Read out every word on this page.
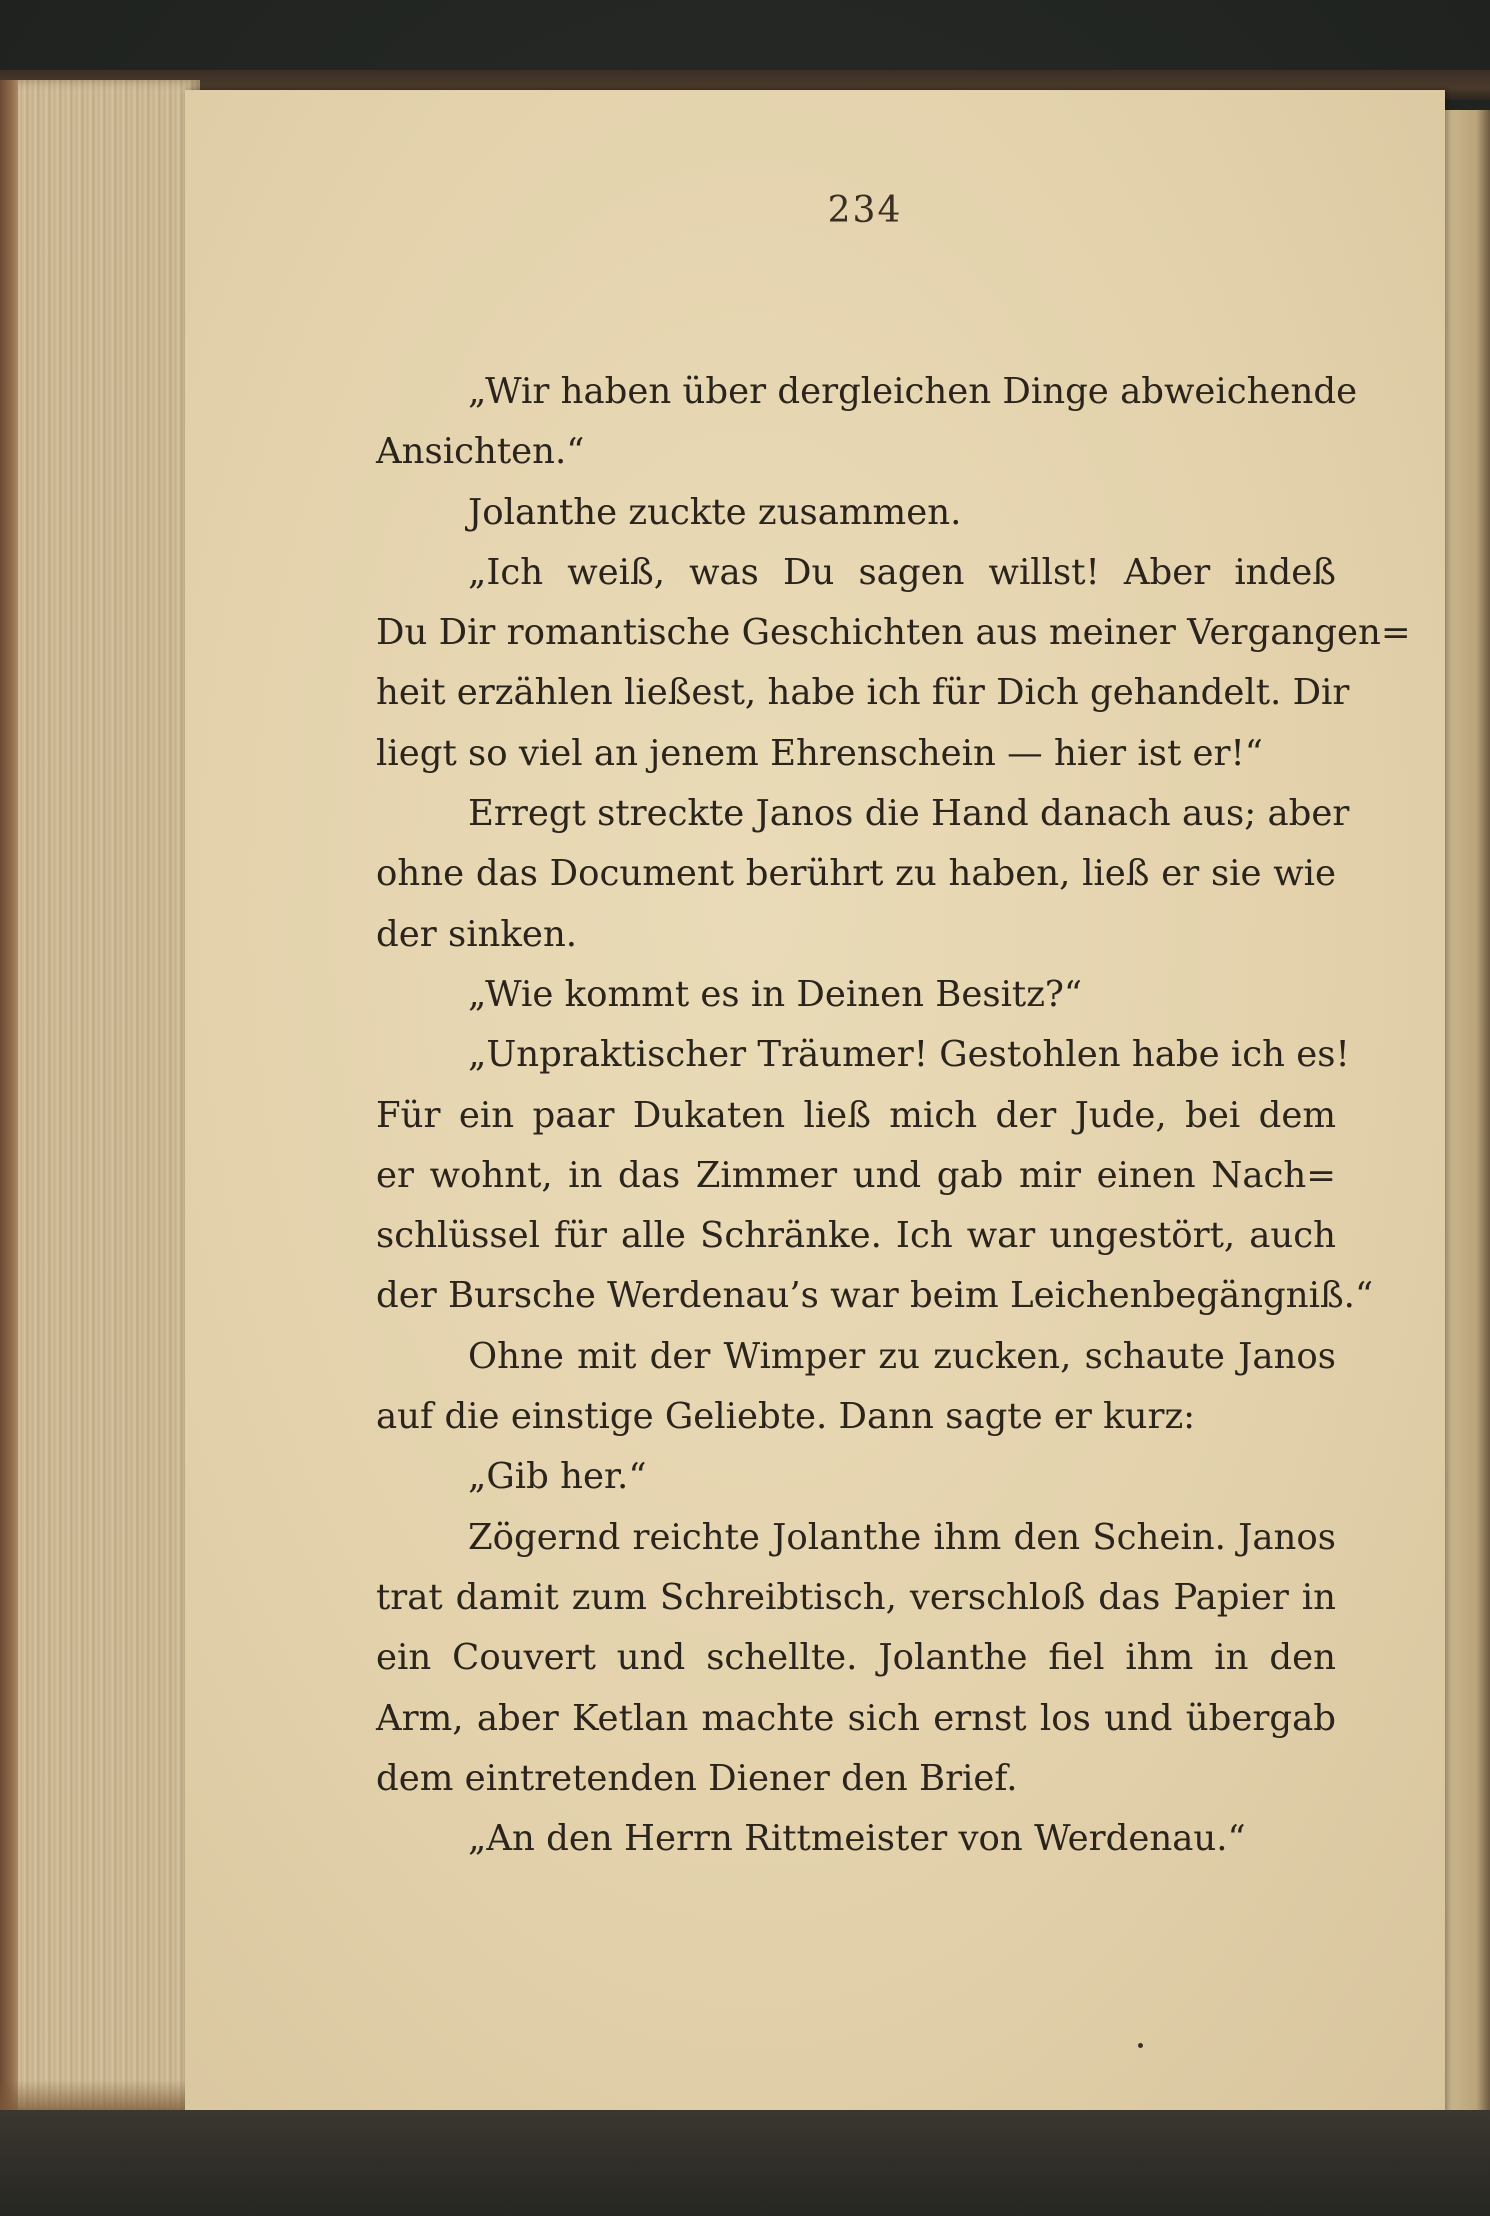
234
„Wir haben über dergleichen Dinge abweichende
Ansichten.“
Jolanthe zuckte zusammen.
„Ich weiß, was Du sagen willst! Aber indeß
Du Dir romantische Geschichten aus meiner Vergangen=
heit erzählen ließest, habe ich für Dich gehandelt. Dir
liegt so viel an jenem Ehrenschein — hier ist er!“
Erregt streckte Janos die Hand danach aus; aber
ohne das Document berührt zu haben, ließ er sie wie
der sinken.
„Wie kommt es in Deinen Besitz?“
„Unpraktischer Träumer! Gestohlen habe ich es!
Für ein paar Dukaten ließ mich der Jude, bei dem
er wohnt, in das Zimmer und gab mir einen Nach=
schlüssel für alle Schränke. Ich war ungestört, auch
der Bursche Werdenau’s war beim Leichenbegängniß.“
Ohne mit der Wimper zu zucken, schaute Janos
auf die einstige Geliebte. Dann sagte er kurz:
„Gib her.“
Zögernd reichte Jolanthe ihm den Schein. Janos
trat damit zum Schreibtisch, verschloß das Papier in
ein Couvert und schellte. Jolanthe fiel ihm in den
Arm, aber Ketlan machte sich ernst los und übergab
dem eintretenden Diener den Brief.
„An den Herrn Rittmeister von Werdenau.“
